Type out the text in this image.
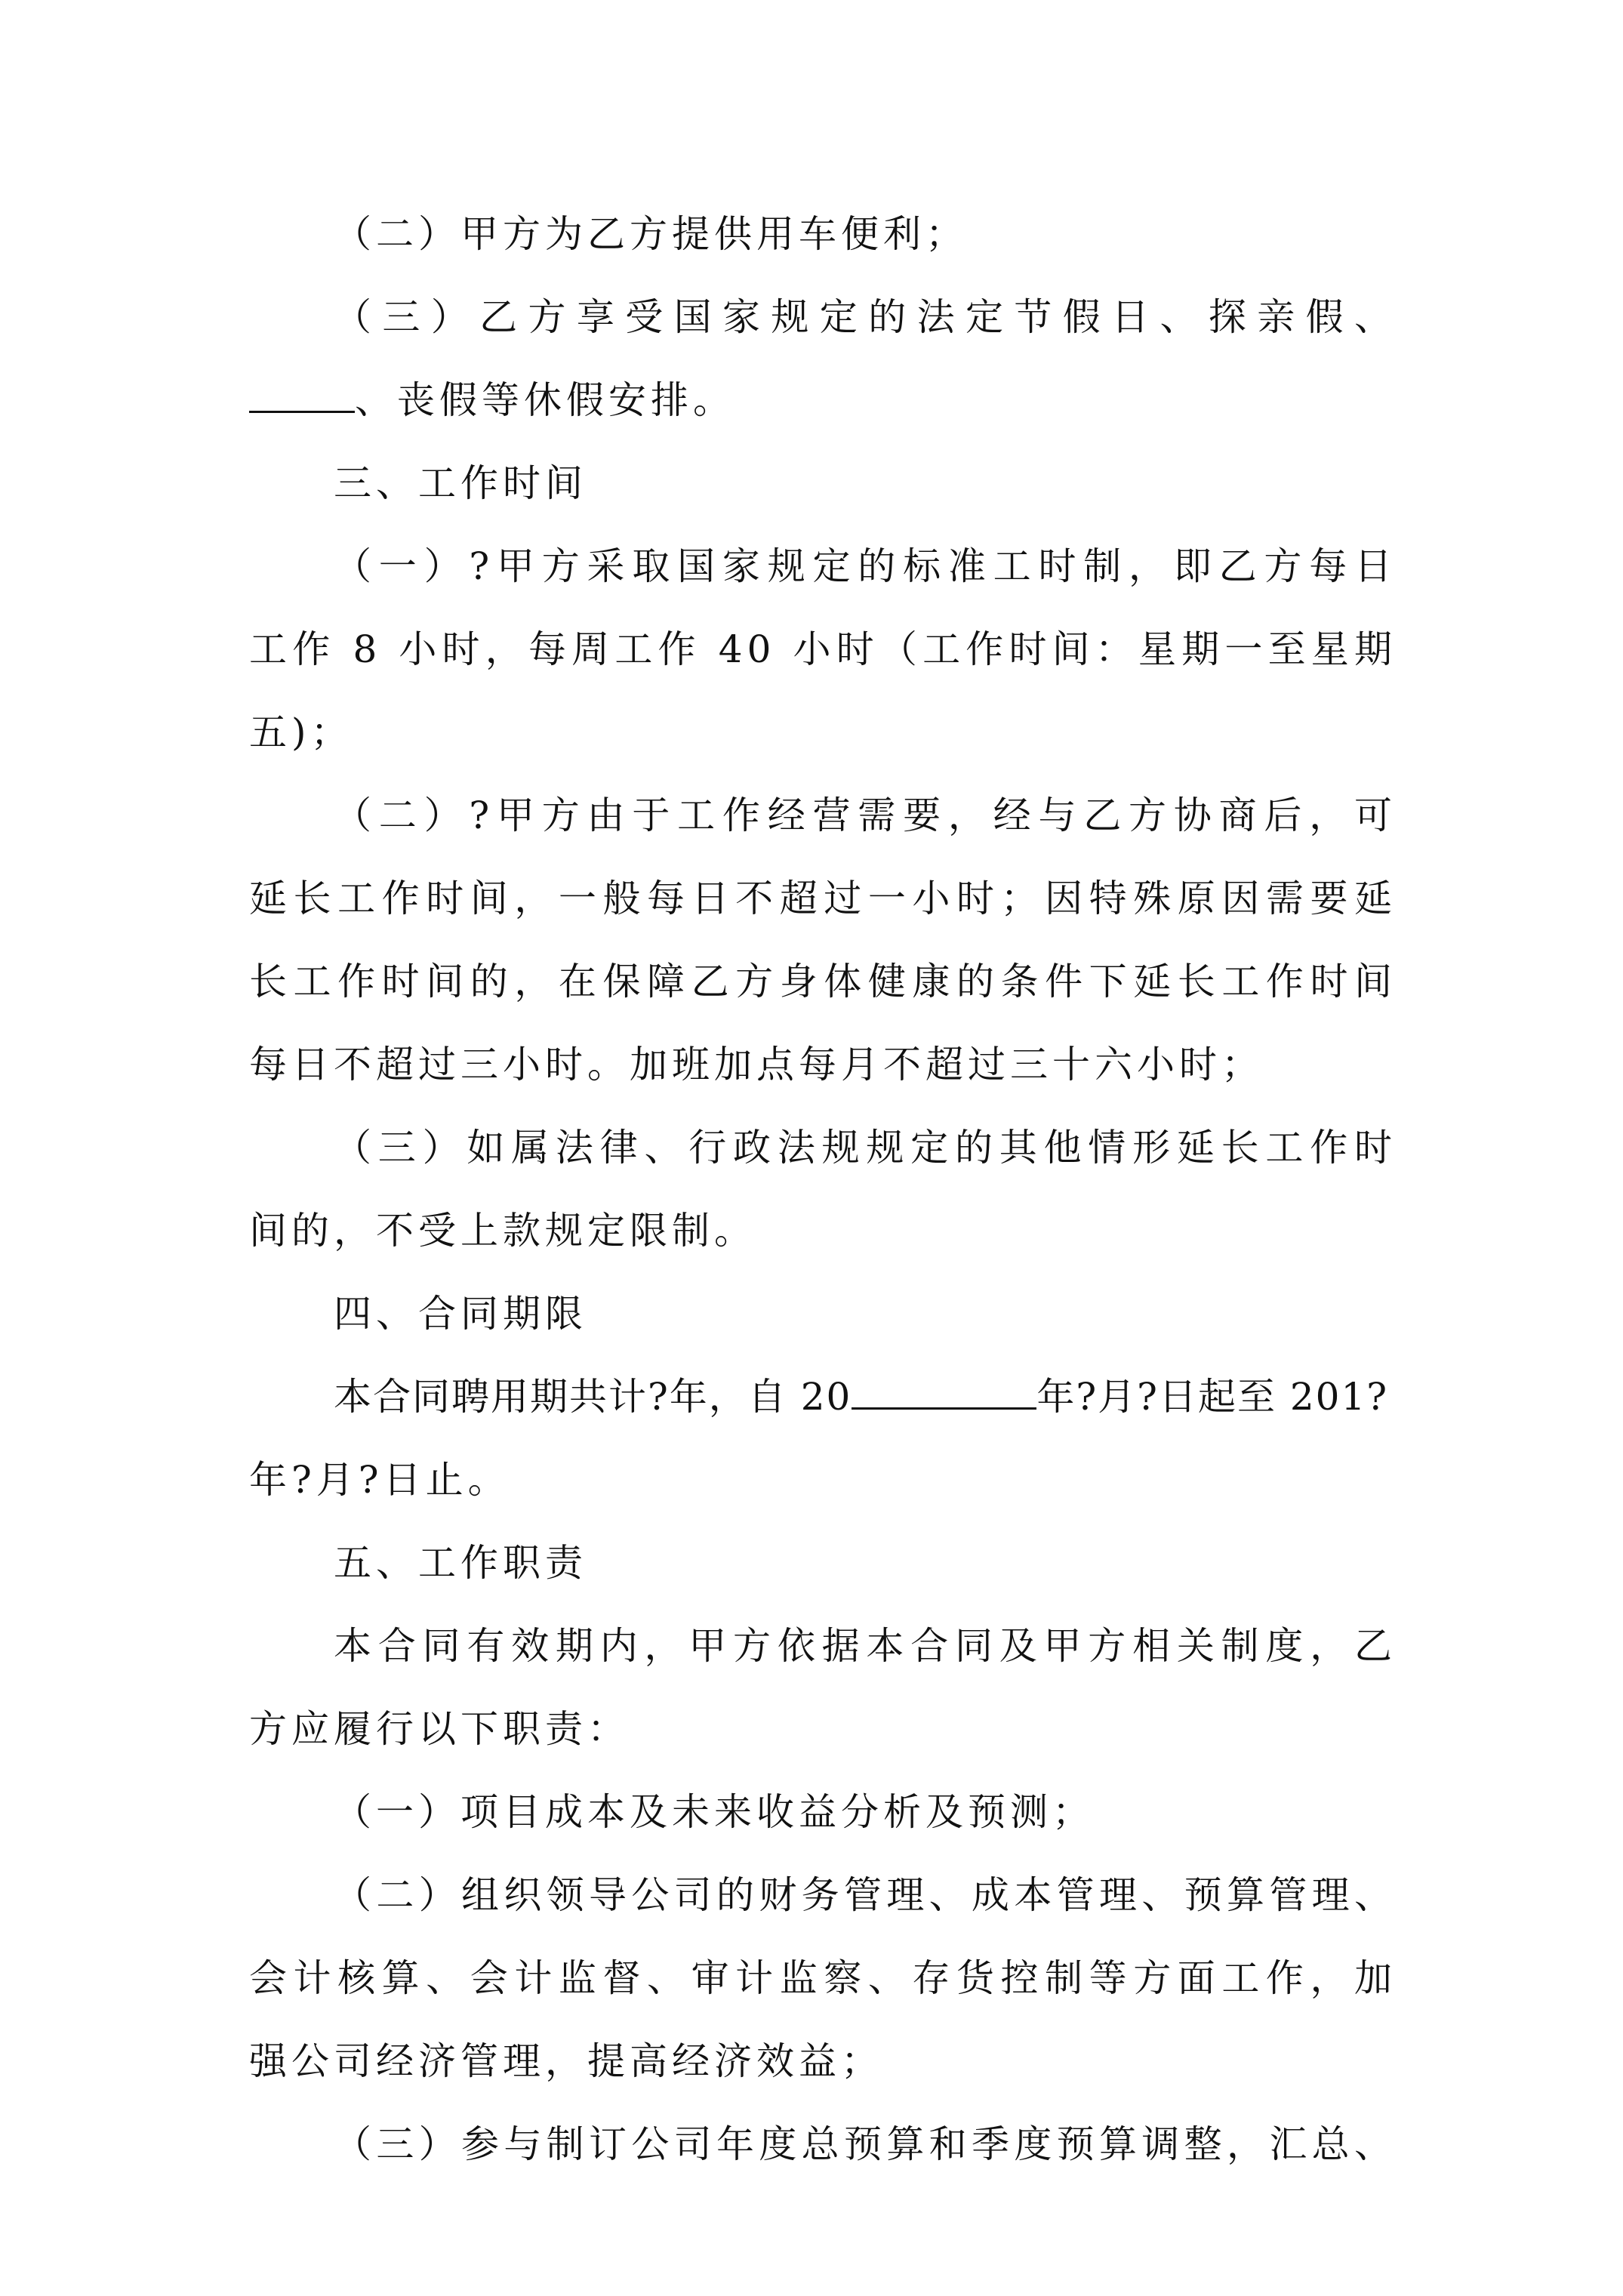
（二）甲方为乙方提供用车便利；
（三）乙方享受国家规定的法定节假日、探亲假、
、丧假等休假安排。
三、工作时间
（一）?甲方采取国家规定的标准工时制，即乙方每日
工作 8 小时，每周工作 40 小时（工作时间：星期一至星期
五)；
（二）?甲方由于工作经营需要，经与乙方协商后，可
延长工作时间，一般每日不超过一小时；因特殊原因需要延
长工作时间的，在保障乙方身体健康的条件下延长工作时间
每日不超过三小时。加班加点每月不超过三十六小时；
（三）如属法律、行政法规规定的其他情形延长工作时
间的，不受上款规定限制。
四、合同期限
本合同聘用期共计?年，自 20	年?月?日起至 201?
年?月?日止。
五、工作职责
本合同有效期内，甲方依据本合同及甲方相关制度，乙
方应履行以下职责：
（一）项目成本及未来收益分析及预测；
（二）组织领导公司的财务管理、成本管理、预算管理、
会计核算、会计监督、审计监察、存货控制等方面工作，加
强公司经济管理，提高经济效益；
（三）参与制订公司年度总预算和季度预算调整，汇总、
